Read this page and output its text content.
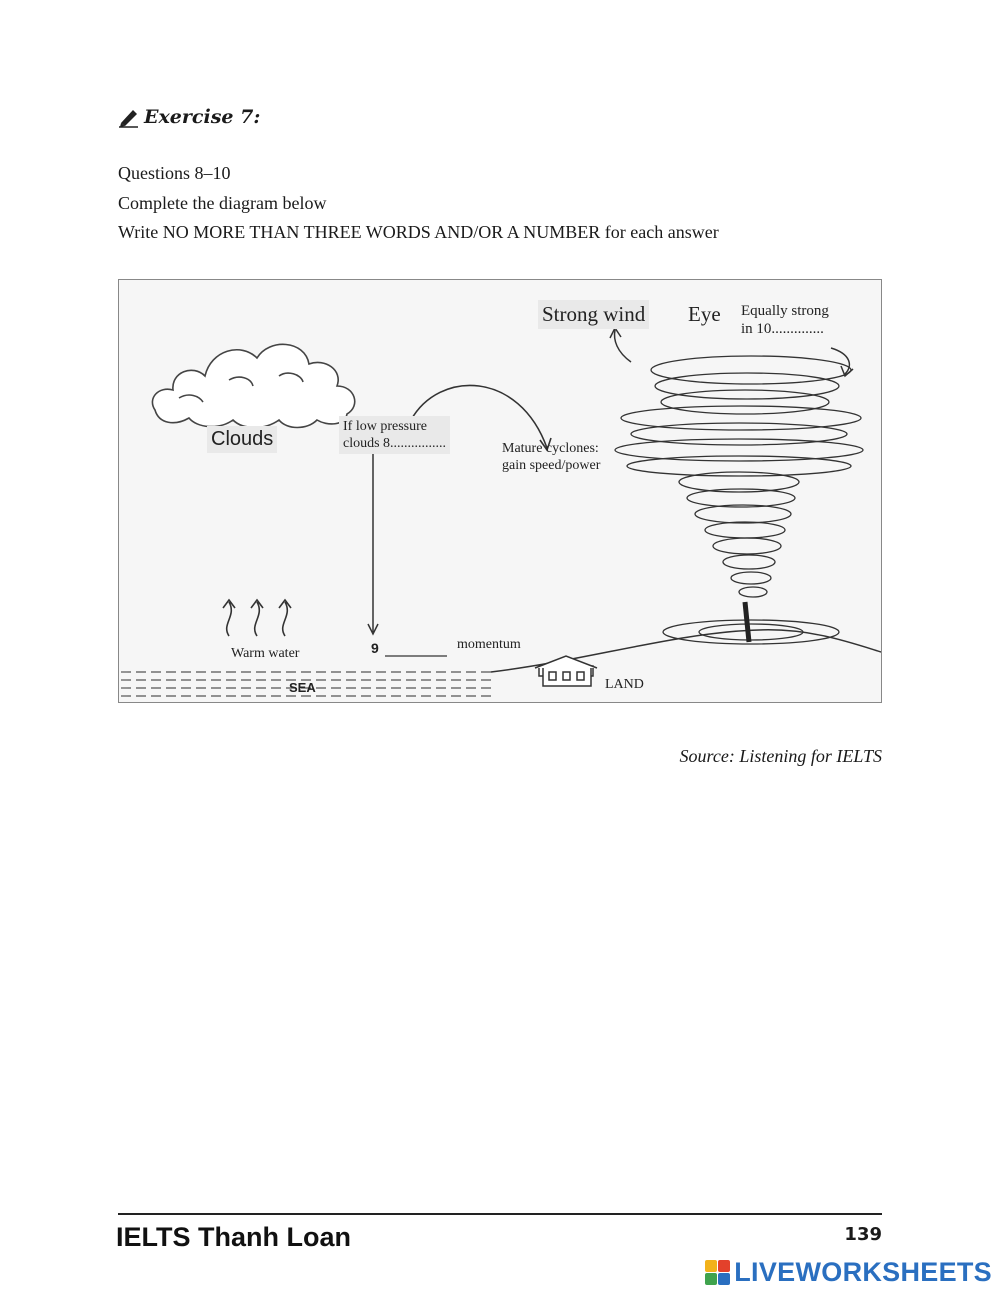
Exercise 7:
Questions 8–10
Complete the diagram below
Write NO MORE THAN THREE WORDS AND/OR A NUMBER for each answer
Clouds
If low pressure
clouds 8................	Mature cyclones:
gain speed/power
Strong wind Eye Equally strong
in 10..............
Warm water	9	momentum
SEA	LAND
Source: Listening for IELTS
IELTS Thanh Loan	139
LIVEWORKSHEETS
